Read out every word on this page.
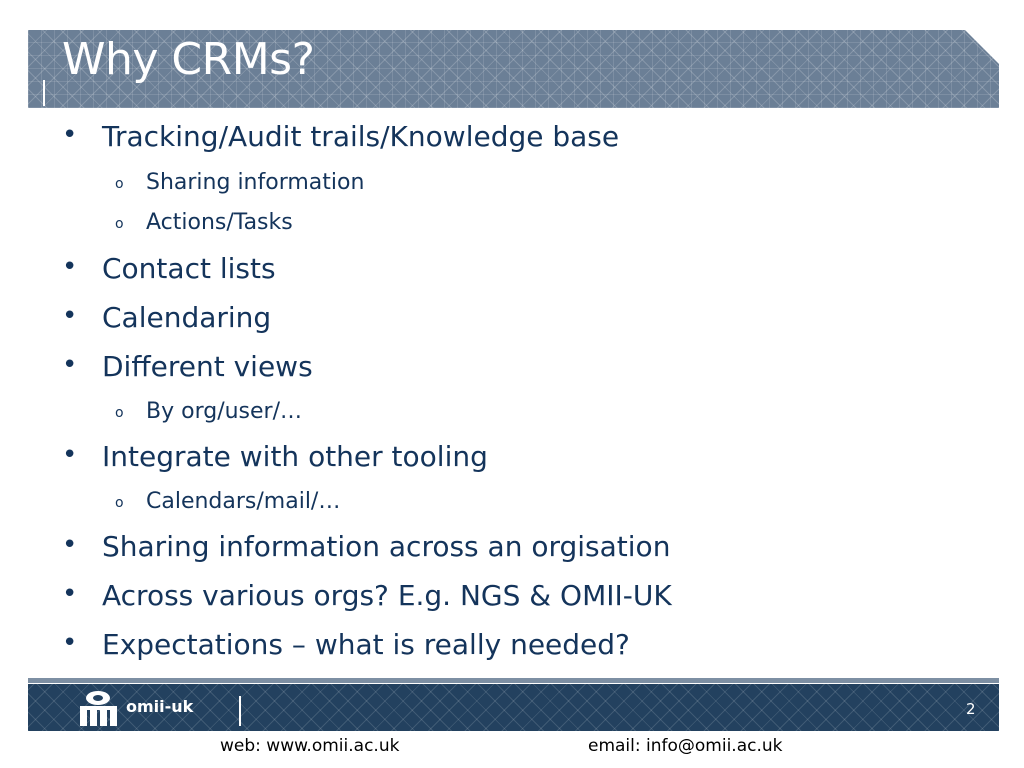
Why CRMs?
• Tracking/Audit trails/Knowledge base
o Sharing information
o Actions/Tasks
• Contact lists
• Calendaring
• Different views
o By org/user/…
• Integrate with other tooling
o Calendars/mail/…
• Sharing information across an orgisation
• Across various orgs? E.g. NGS & OMII-UK
• Expectations – what is really needed?
omii-uk	2
web: www.omii.ac.uk	email: info@omii.ac.uk
